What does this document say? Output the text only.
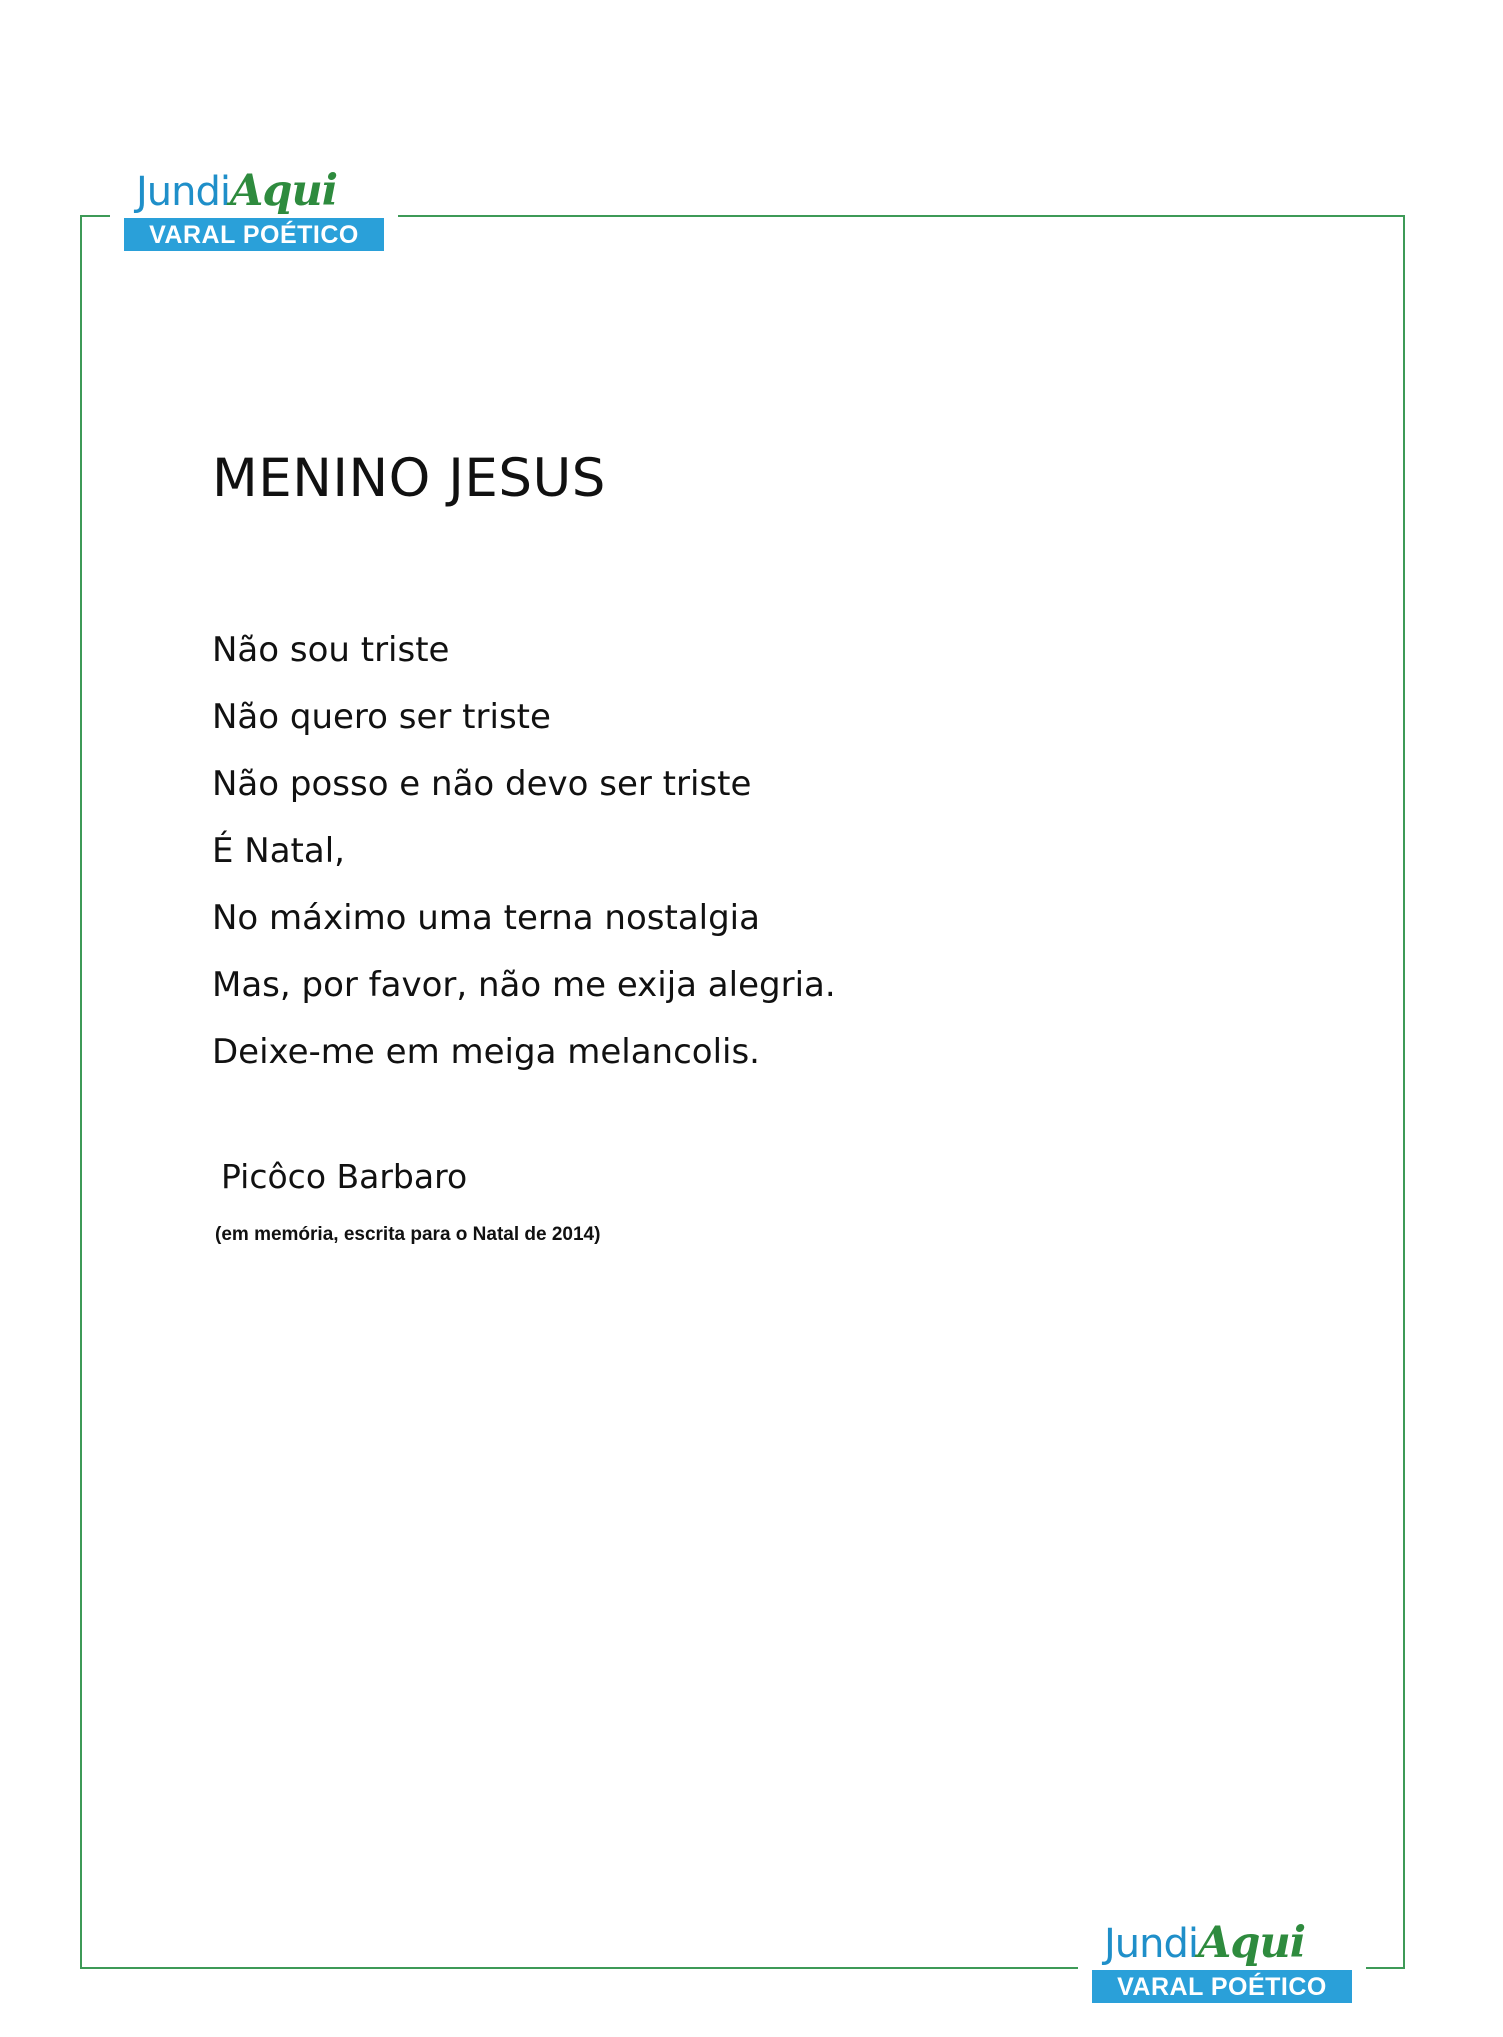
JundiAqui
VARAL POÉTICO
MENINO JESUS
Não sou triste
Não quero ser triste
Não posso e não devo ser triste
É Natal,
No máximo uma terna nostalgia
Mas, por favor, não me exija alegria.
Deixe-me em meiga melancolis.
Picôco Barbaro
(em memória, escrita para o Natal de 2014)
JundiAqui
VARAL POÉTICO
